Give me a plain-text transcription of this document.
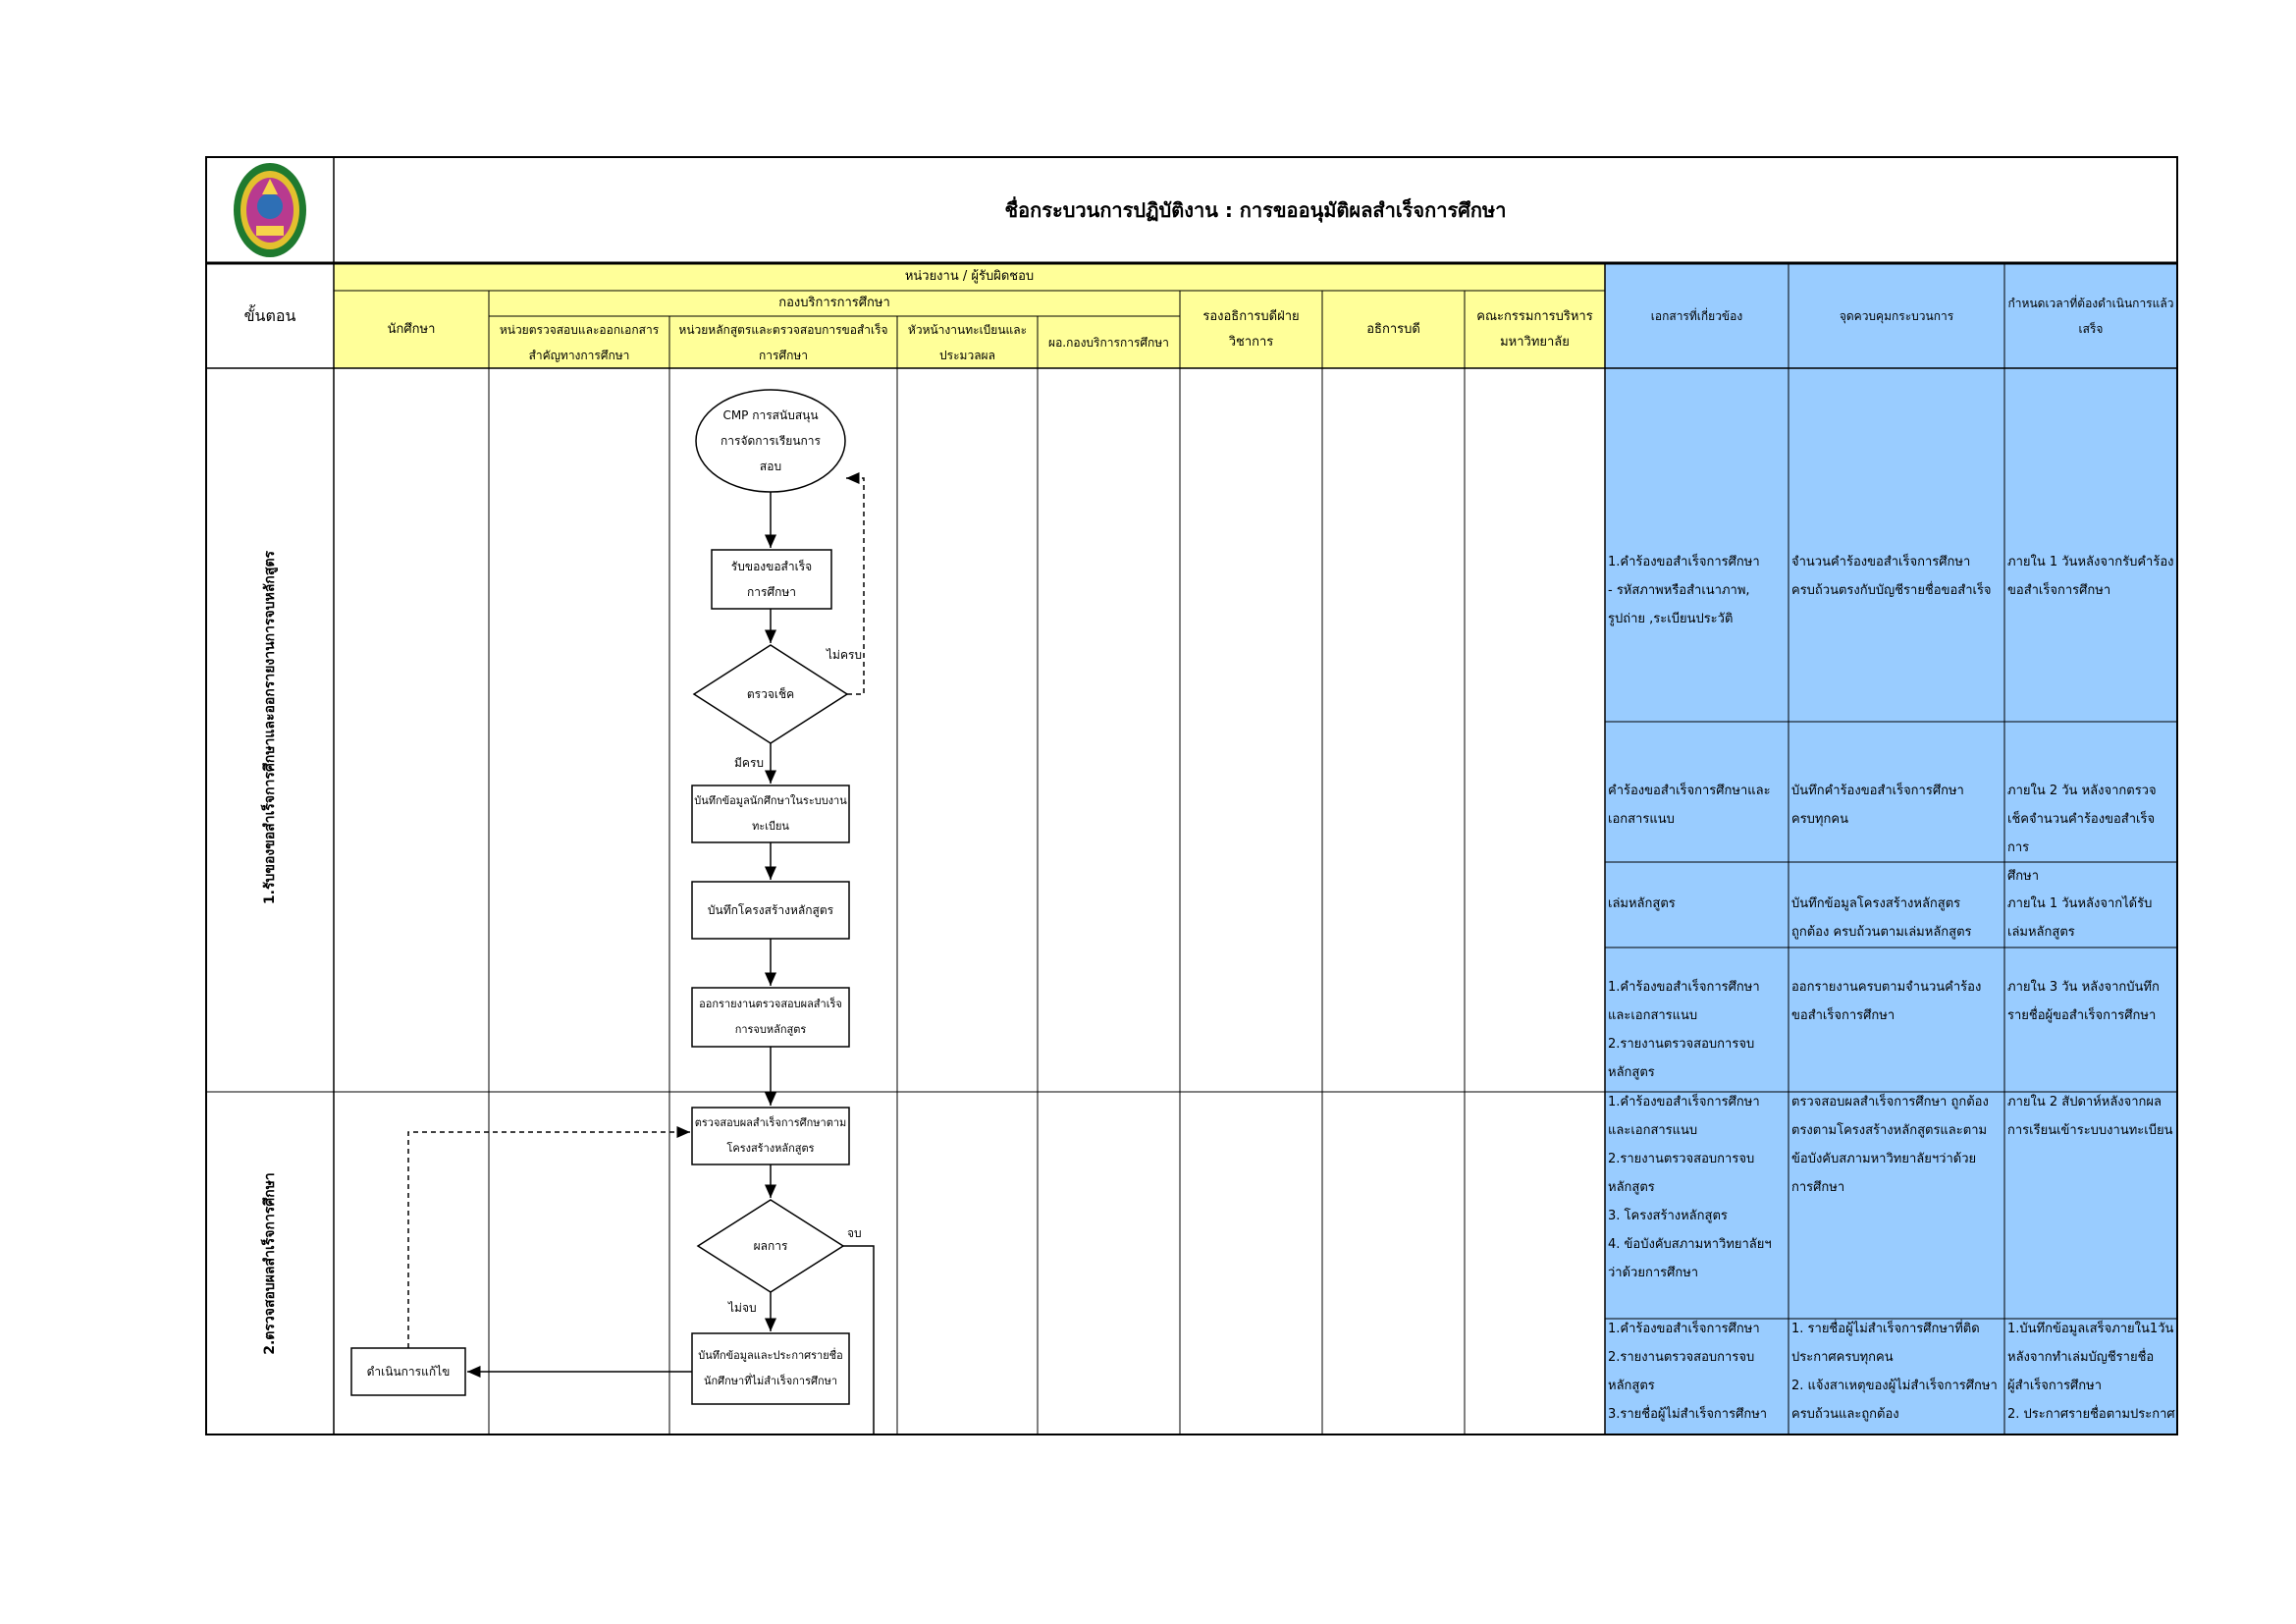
ชื่อกระบวนการปฏิบัติงาน : การขออนุมัติผลสำเร็จการศึกษา
ขั้นตอน
หน่วยงาน / ผู้รับผิดชอบ
นักศึกษา
กองบริการการศึกษา
หน่วยตรวจสอบและออกเอกสาร
สำคัญทางการศึกษา
หน่วยหลักสูตรและตรวจสอบการขอสำเร็จ
การศึกษา
หัวหน้างานทะเบียนและ
ประมวลผล
ผอ.กองบริการการศึกษา
รองอธิการบดีฝ่าย
วิชาการ
อธิการบดี
คณะกรรมการบริหาร
มหาวิทยาลัย
เอกสารที่เกี่ยวข้อง	จุดควบคุมกระบวนการ
กำหนดเวลาที่ต้องดำเนินการแล้ว
เสร็จ
1.รับของขอสำเร็จการศึกษาและออกรายงานการจบหลักสูตร
2.ตรวจสอบผลสำเร็จการศึกษา
CMP การสนับสนุน
การจัดการเรียนการ
สอบ
รับของขอสำเร็จ
การศึกษา
ตรวจเช็ค
บันทึกข้อมูลนักศึกษาในระบบงาน
ทะเบียน
บันทึกโครงสร้างหลักสูตร
ออกรายงานตรวจสอบผลสำเร็จ
การจบหลักสูตร
ตรวจสอบผลสำเร็จการศึกษาตาม
โครงสร้างหลักสูตร
ผลการ
บันทึกข้อมูลและประกาศรายชื่อ
นักศึกษาที่ไม่สำเร็จการศึกษา
ดำเนินการแก้ไข
ไม่ครบ
มีครบ
จบ
ไม่จบ
1.คำร้องขอสำเร็จการศึกษา
- รหัสภาพหรือสำเนาภาพ,
รูปถ่าย ,ระเบียนประวัติ
จำนวนคำร้องขอสำเร็จการศึกษา
ครบถ้วนตรงกับบัญชีรายชื่อขอสำเร็จ
ภายใน 1 วันหลังจากรับคำร้อง
ขอสำเร็จการศึกษา
คำร้องขอสำเร็จการศึกษาและ
เอกสารแนบ
บันทึกคำร้องขอสำเร็จการศึกษา
ครบทุกคน
ภายใน 2 วัน หลังจากตรวจ
เช็คจำนวนคำร้องขอสำเร็จการ
ศึกษา
เล่มหลักสูตร	บันทึกข้อมูลโครงสร้างหลักสูตร
ถูกต้อง ครบถ้วนตามเล่มหลักสูตร
ภายใน 1 วันหลังจากได้รับ
เล่มหลักสูตร
1.คำร้องขอสำเร็จการศึกษา
และเอกสารแนบ
2.รายงานตรวจสอบการจบ
หลักสูตร
ออกรายงานครบตามจำนวนคำร้อง
ขอสำเร็จการศึกษา
ภายใน 3 วัน หลังจากบันทึก
รายชื่อผู้ขอสำเร็จการศึกษา
1.คำร้องขอสำเร็จการศึกษา
และเอกสารแนบ
2.รายงานตรวจสอบการจบ
หลักสูตร
3. โครงสร้างหลักสูตร
4. ข้อบังคับสภามหาวิทยาลัยฯ
ว่าด้วยการศึกษา
ตรวจสอบผลสำเร็จการศึกษา ถูกต้อง
ตรงตามโครงสร้างหลักสูตรและตาม
ข้อบังคับสภามหาวิทยาลัยฯว่าด้วย
การศึกษา
ภายใน 2 สัปดาห์หลังจากผล
การเรียนเข้าระบบงานทะเบียน
1.คำร้องขอสำเร็จการศึกษา
2.รายงานตรวจสอบการจบ
หลักสูตร
3.รายชื่อผู้ไม่สำเร็จการศึกษา
1. รายชื่อผู้ไม่สำเร็จการศึกษาที่ติด
ประกาศครบทุกคน
2. แจ้งสาเหตุของผู้ไม่สำเร็จการศึกษา
ครบถ้วนและถูกต้อง
1.บันทึกข้อมูลเสร็จภายใน1วัน
หลังจากทำเล่มบัญชีรายชื่อ
ผู้สำเร็จการศึกษา
2. ประกาศรายชื่อตามประกาศ
